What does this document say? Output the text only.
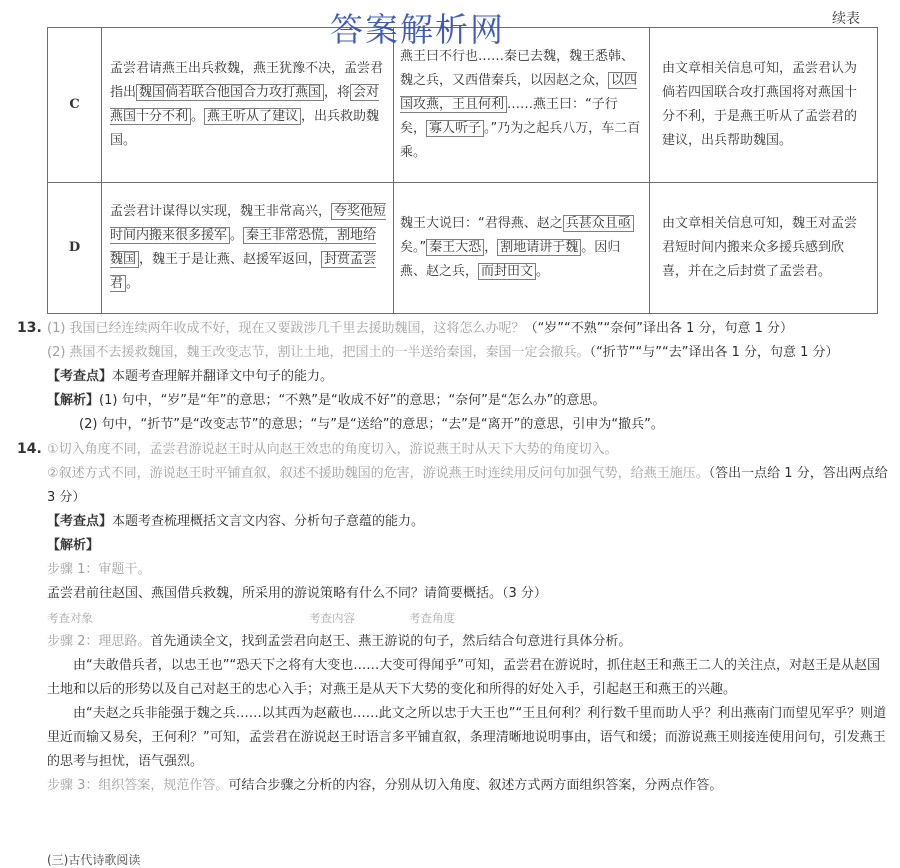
答案解析网	续表
C	孟尝君请燕王出兵救魏，燕王犹豫不决，孟尝君指出 魏国倘若联合他国合力攻打燕国 ，将 会对燕国十分不利 。 燕王听从了建议 ，出兵救助魏国。	燕王曰不行也……秦已去魏，魏王悉韩、魏之兵，又西借秦兵，以因赵之众， 以四国攻燕，王且何利 ……燕王曰：“子行矣， 寡人听子 。”乃为之起兵八万，车二百乘。	由文章相关信息可知，孟尝君认为倘若四国联合攻打燕国将对燕国十分不利，于是燕王听从了孟尝君的建议，出兵帮助魏国。
D	孟尝君计谋得以实现，魏王非常高兴， 夸奖他短时间内搬来很多援军 。 秦王非常恐慌，割地给魏国 ，魏王于是让燕、赵援军返回， 封赏孟尝君 。	魏王大说曰：“君得燕、赵之 兵甚众且亟矣。” 秦王大恐 ， 割地请讲于魏 。因归燕、赵之兵， 而封田文 。	由文章相关信息可知，魏王对孟尝君短时间内搬来众多援兵感到欣喜，并在之后封赏了孟尝君。

13. (1) 我国已经连续两年收成不好，现在又要跋涉几千里去援助魏国，这将怎么办呢？（“岁”“不熟”“奈何”译出各 1 分，句意 1 分）

(2) 燕国不去援救魏国，魏王改变志节，割让土地，把国土的一半送给秦国，秦国一定会撤兵。（“折节”“与”“去”译出各 1 分，句意 1 分）

【考查点】本题考查理解并翻译文中句子的能力。

【解析】(1) 句中，“岁”是“年”的意思；“不熟”是“收成不好”的意思；“奈何”是“怎么办”的意思。

(2) 句中，“折节”是“改变志节”的意思；“与”是“送给”的意思；“去”是“离开”的意思，引申为“撤兵”。

14. ①切入角度不同，孟尝君游说赵王时从向赵王效忠的角度切入，游说燕王时从天下大势的角度切入。

②叙述方式不同，游说赵王时平铺直叙，叙述不援助魏国的危害，游说燕王时连续用反问句加强气势，给燕王施压。（答出一点给 1 分，答出两点给 3 分）

【考查点】本题考查梳理概括文言文内容、分析句子意蕴的能力。

【解析】

步骤 1：审题干。

孟尝君前往赵国、燕国借兵救魏，所采用的游说策略有什么不同？请简要概括。（3 分）

考查对象	考查内容	考查角度

步骤 2：理思路。首先通读全文，找到孟尝君向赵王、燕王游说的句子，然后结合句意进行具体分析。

由“夫敢借兵者，以忠王也”“恐天下之将有大变也……大变可得闻乎”可知，孟尝君在游说时，抓住赵王和燕王二人的关注点，对赵王是从赵国土地和以后的形势以及自己对赵王的忠心入手；对燕王是从天下大势的变化和所得的好处入手，引起赵王和燕王的兴趣。

由“夫赵之兵非能强于魏之兵……以其西为赵蔽也……此文之所以忠于大王也”“王且何利？利行数千里而助人乎？利出燕南门而望见军乎？则道里近而输又易矣，王何利？”可知，孟尝君在游说赵王时语言多平铺直叙，条理清晰地说明事由，语气和缓；而游说燕王则接连使用问句，引发燕王的思考与担忧，语气强烈。

步骤 3：组织答案，规范作答。可结合步骤之分析的内容，分别从切入角度、叙述方式两方面组织答案，分两点作答。

(三)古代诗歌阅读
